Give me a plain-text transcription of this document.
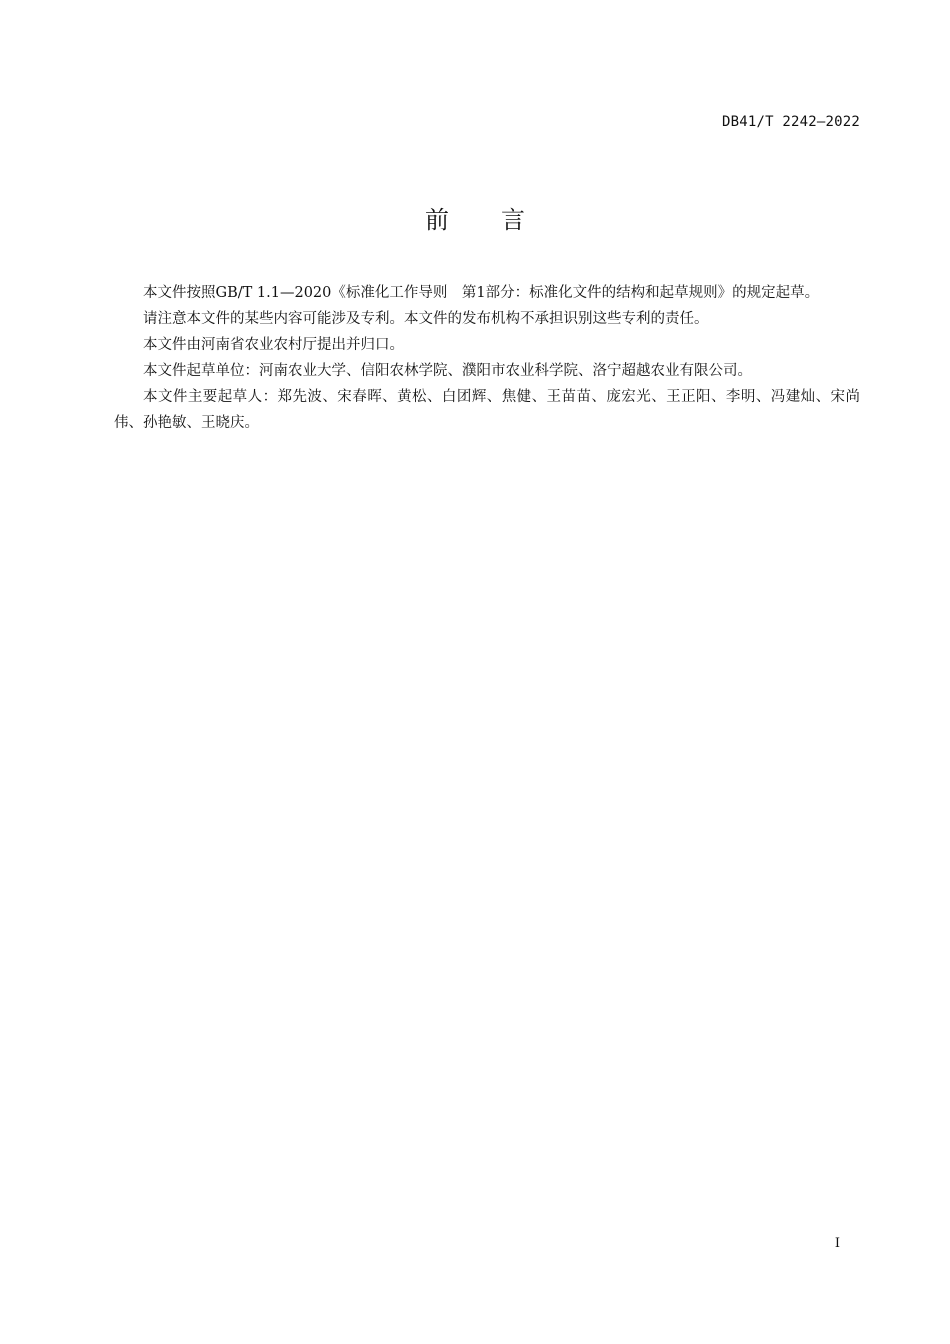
DB41/T 2242—2022
前言

本文件按照GB/T 1.1—2020《标准化工作导则　第1部分：标准化文件的结构和起草规则》的规定起草。

请注意本文件的某些内容可能涉及专利。本文件的发布机构不承担识别这些专利的责任。

本文件由河南省农业农村厅提出并归口。

本文件起草单位：河南农业大学、信阳农林学院、濮阳市农业科学院、洛宁超越农业有限公司。

本文件主要起草人：郑先波、宋春晖、黄松、白团辉、焦健、王苗苗、庞宏光、王正阳、李明、冯建灿、宋尚伟、孙艳敏、王晓庆。

I
